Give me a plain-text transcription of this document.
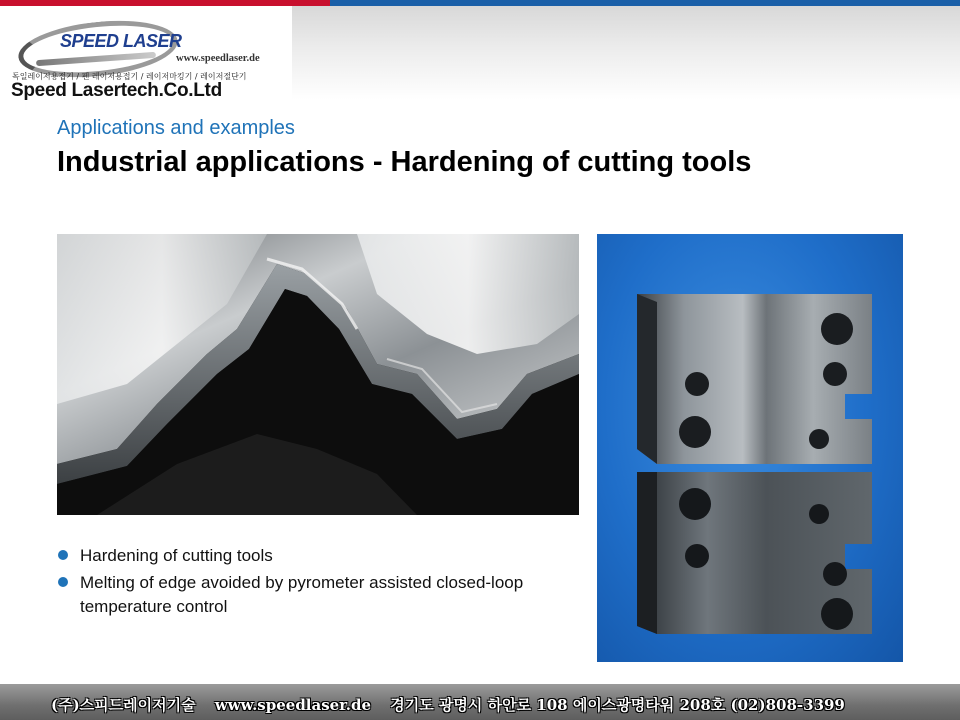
SPEED LASER
www.speedlaser.de
독일레이저용접기 / 펜 레이저용접기 / 레이저마킹기 / 레이저절단기
Speed Lasertech.Co.Ltd
Applications and examples
Industrial applications - Hardening of cutting tools
Hardening of cutting tools
Melting of edge avoided by pyrometer assisted closed-loop temperature control
(주)스피드레이저기술 www.speedlaser.de 경기도 광명시 하안로 108 에이스광명타워 208호 (02)808-3399
